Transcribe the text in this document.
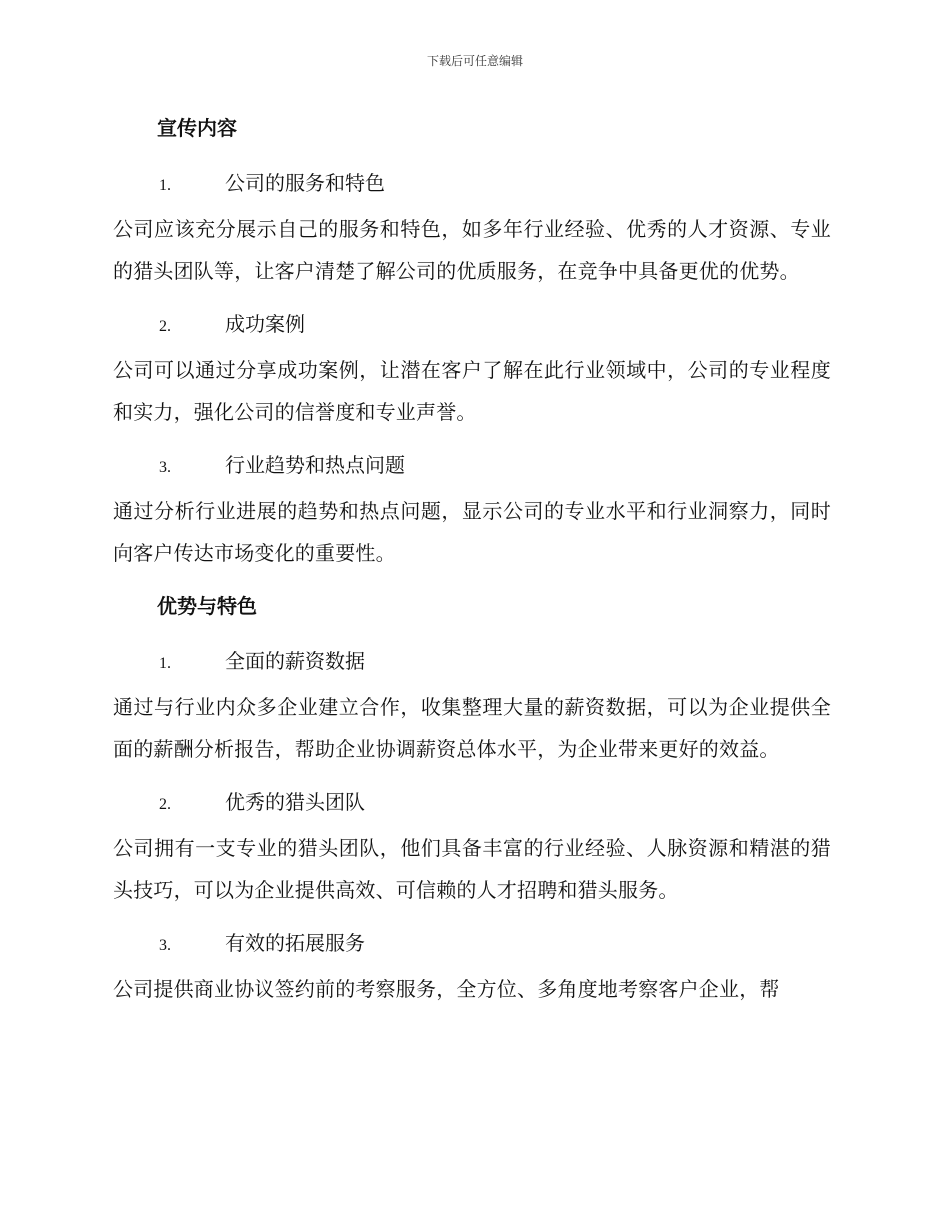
下载后可任意编辑
宣传内容
1.	公司的服务和特色

公司应该充分展示自己的服务和特色，如多年行业经验、优秀的人才资源、专业的猎头团队等，让客户清楚了解公司的优质服务，在竞争中具备更优的优势。

2.	成功案例

公司可以通过分享成功案例，让潜在客户了解在此行业领域中，公司的专业程度和实力，强化公司的信誉度和专业声誉。

3.	行业趋势和热点问题

通过分析行业进展的趋势和热点问题，显示公司的专业水平和行业洞察力，同时向客户传达市场变化的重要性。

优势与特色
1.	全面的薪资数据

通过与行业内众多企业建立合作，收集整理大量的薪资数据，可以为企业提供全面的薪酬分析报告，帮助企业协调薪资总体水平，为企业带来更好的效益。

2.	优秀的猎头团队

公司拥有一支专业的猎头团队，他们具备丰富的行业经验、人脉资源和精湛的猎头技巧，可以为企业提供高效、可信赖的人才招聘和猎头服务。

3.	有效的拓展服务

公司提供商业协议签约前的考察服务，全方位、多角度地考察客户企业，帮
